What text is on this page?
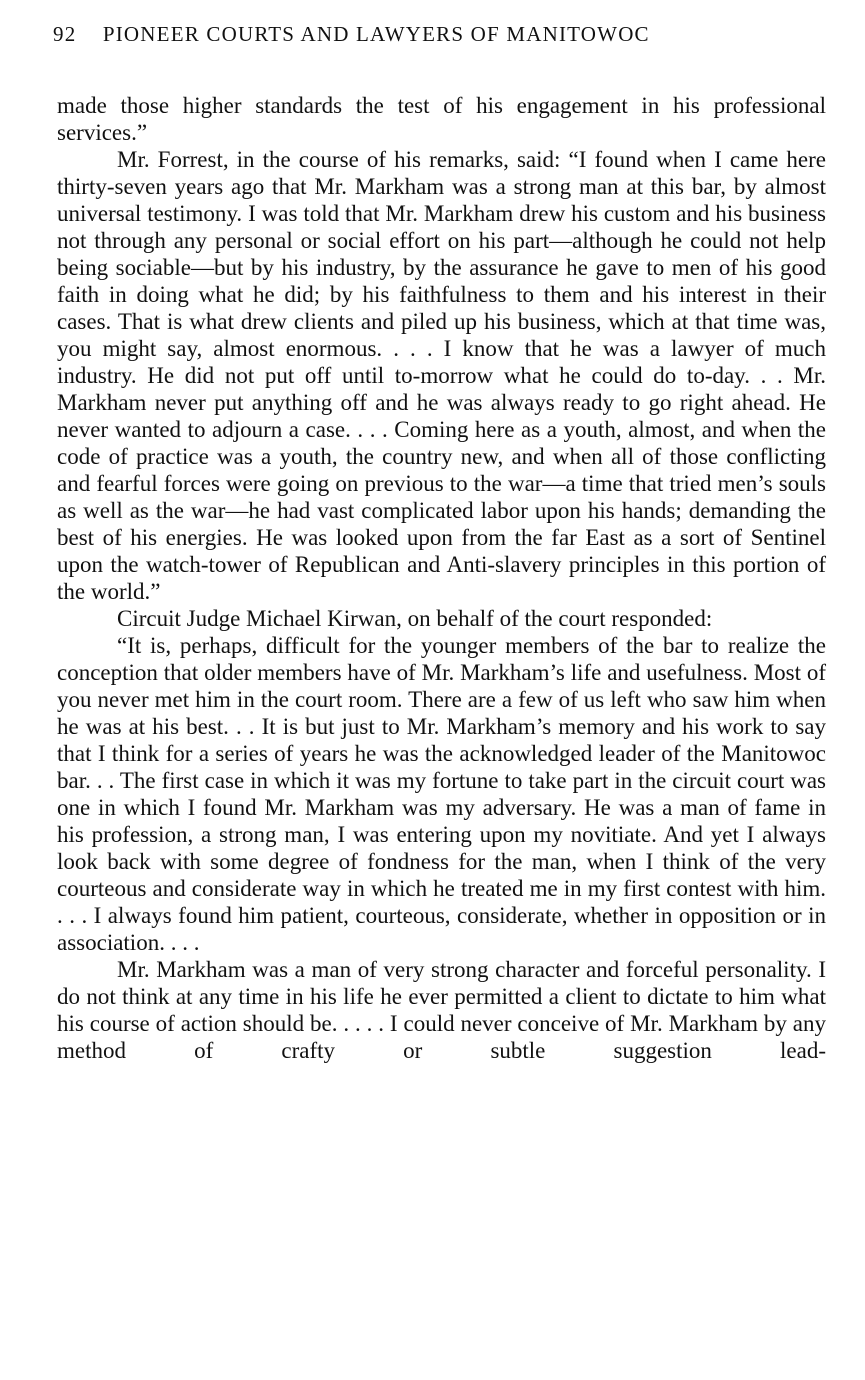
92 PIONEER COURTS AND LAWYERS OF MANITOWOC

made those higher standards the test of his engagement in his professional services.”

Mr. Forrest, in the course of his remarks, said: “I found when I came here thirty-seven years ago that Mr. Markham was a strong man at this bar, by almost universal testimony. I was told that Mr. Markham drew his custom and his business not through any personal or social effort on his part—although he could not help being sociable—but by his industry, by the assurance he gave to men of his good faith in doing what he did; by his faithfulness to them and his interest in their cases. That is what drew clients and piled up his business, which at that time was, you might say, almost enormous. . . . I know that he was a lawyer of much industry. He did not put off until to-morrow what he could do to-day. . . Mr. Markham never put anything off and he was always ready to go right ahead. He never wanted to adjourn a case. . . . Coming here as a youth, almost, and when the code of practice was a youth, the country new, and when all of those conflicting and fearful forces were going on previous to the war—a time that tried men’s souls as well as the war—he had vast complicated labor upon his hands; demanding the best of his energies. He was looked upon from the far East as a sort of Sentinel upon the watch-tower of Republican and Anti-slavery principles in this portion of the world.”

Circuit Judge Michael Kirwan, on behalf of the court responded:

“It is, perhaps, difficult for the younger members of the bar to realize the conception that older members have of Mr. Markham’s life and usefulness. Most of you never met him in the court room. There are a few of us left who saw him when he was at his best. . . It is but just to Mr. Markham’s memory and his work to say that I think for a series of years he was the acknowledged leader of the Manitowoc bar. . . The first case in which it was my fortune to take part in the circuit court was one in which I found Mr. Markham was my adversary. He was a man of fame in his profession, a strong man, I was entering upon my novitiate. And yet I always look back with some degree of fondness for the man, when I think of the very courteous and considerate way in which he treated me in my first contest with him. . . . I always found him patient, courteous, considerate, whether in opposition or in association. . . .

Mr. Markham was a man of very strong character and forceful personality. I do not think at any time in his life he ever permitted a client to dictate to him what his course of action should be. . . . . I could never conceive of Mr. Markham by any method of crafty or subtle suggestion lead-
